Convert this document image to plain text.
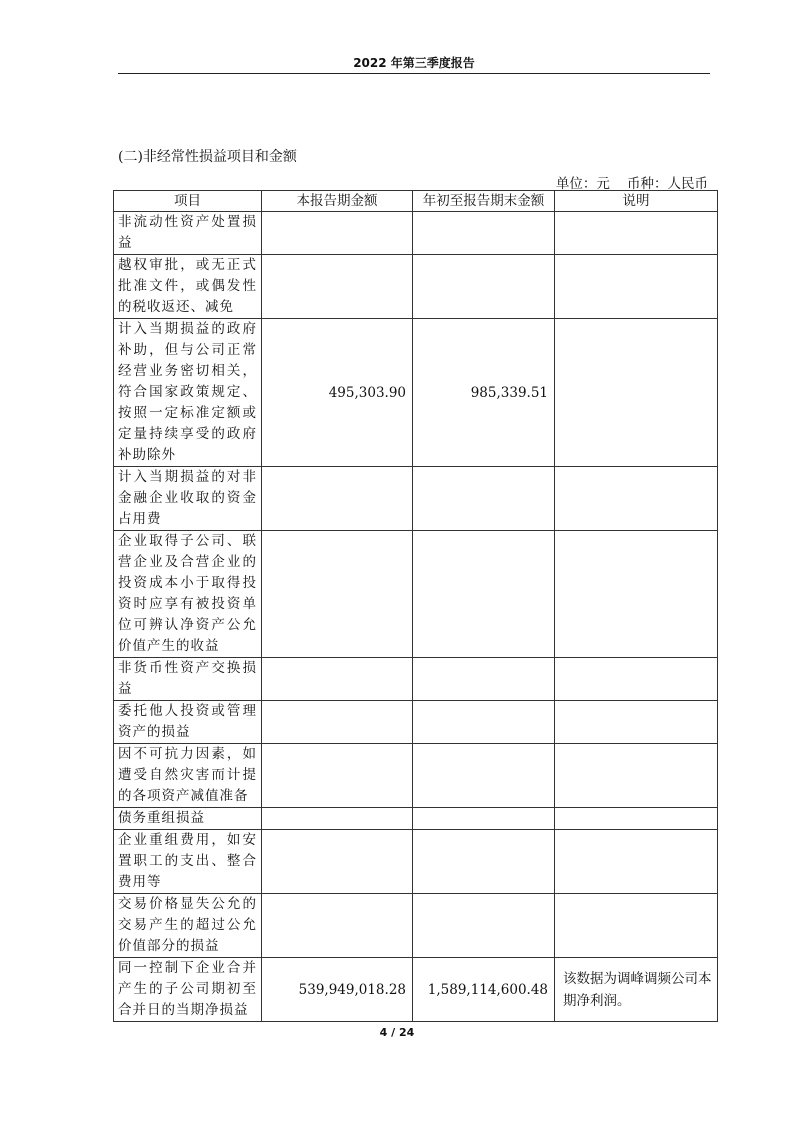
2022 年第三季度报告
(二)非经常性损益项目和金额
单位：元    币种：人民币
项目	本报告期金额	年初至报告期末金额	说明
非流动性资产处置损益			
越权审批，或无正式批准文件，或偶发性的税收返还、减免			
计入当期损益的政府补助，但与公司正常经营业务密切相关，符合国家政策规定、按照一定标准定额或定量持续享受的政府补助除外	495,303.90	985,339.51	
计入当期损益的对非金融企业收取的资金占用费			
企业取得子公司、联营企业及合营企业的投资成本小于取得投资时应享有被投资单位可辨认净资产公允价值产生的收益			
非货币性资产交换损益			
委托他人投资或管理资产的损益			
因不可抗力因素，如遭受自然灾害而计提的各项资产减值准备			
债务重组损益			
企业重组费用，如安置职工的支出、整合费用等			
交易价格显失公允的交易产生的超过公允价值部分的损益			
同一控制下企业合并产生的子公司期初至合并日的当期净损益	539,949,018.28	1,589,114,600.48	该数据为调峰调频公司本期净利润。
4 / 24
